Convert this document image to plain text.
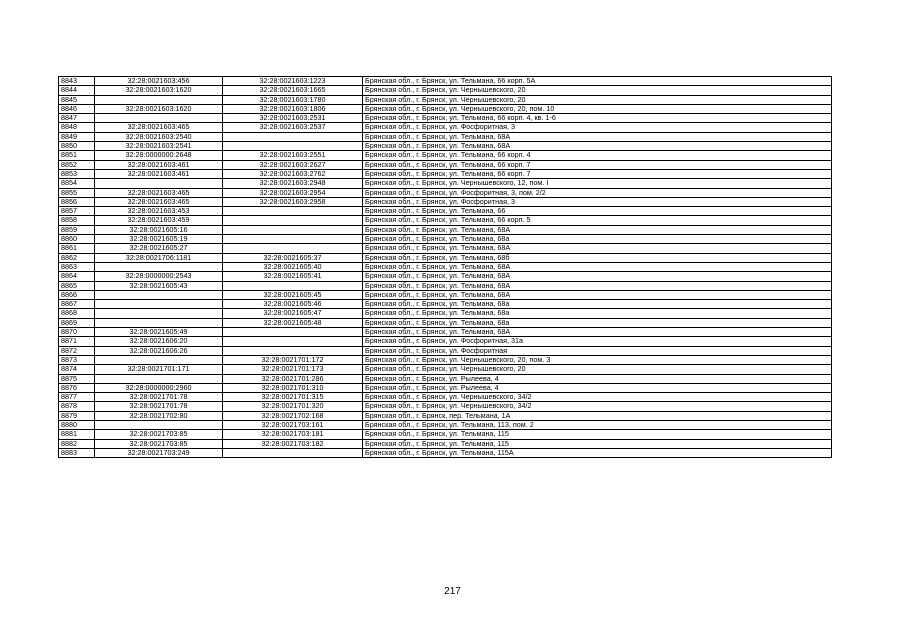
8843	32:28:0021603:456	32:28:0021603:1223	Брянская обл., г. Брянск, ул. Тельмана, 66 корп. 5А
8844	32:28:0021603:1620	32:28:0021603:1665	Брянская обл., г. Брянск, ул. Чернышевского, 20
8845		32:28:0021603:1780	Брянская обл., г. Брянск, ул. Чернышевского, 20
8846	32:28:0021603:1620	32:28:0021603:1806	Брянская обл., г. Брянск, ул. Чернышевского, 20, пом. 10
8847		32:28:0021603:2531	Брянская обл., г. Брянск, ул. Тельмана, 66 корп. 4, кв. 1-6
8848	32:28:0021603:465	32:28:0021603:2537	Брянская обл., г. Брянск, ул. Фосфоритная, 3
8849	32:28:0021603:2540		Брянская обл., г. Брянск, ул. Тельмана, 68А
8850	32:28:0021603:2541		Брянская обл., г. Брянск, ул. Тельмана, 68А
8851	32:28:0000000:2648	32:28:0021603:2551	Брянская обл., г. Брянск, ул. Тельмана, 66 корп. 4
8852	32:28:0021603:461	32:28:0021603:2627	Брянская обл., г. Брянск, ул. Тельмана, 66 корп. 7
8853	32:28:0021603:461	32:28:0021603:2762	Брянская обл., г. Брянск, ул. Тельмана, 66 корп. 7
8854		32:28:0021603:2948	Брянская обл., г. Брянск, ул. Чернышевского, 12, пом. I
8855	32:28:0021603:465	32:28:0021603:2954	Брянская обл., г. Брянск, ул. Фосфоритная, 3, пом. 2/2
8856	32:28:0021603:465	32:28:0021603:2958	Брянская обл., г. Брянск, ул. Фосфоритная, 3
8857	32:28:0021603:453		Брянская обл., г. Брянск, ул. Тельмана, 66
8858	32:28:0021603:459		Брянская обл., г. Брянск, ул. Тельмана, 66 корп. 5
8859	32:28:0021605:16		Брянская обл., г. Брянск, ул. Тельмана, 68А
8860	32:28:0021605:19		Брянская обл., г. Брянск, ул. Тельмана, 68а
8861	32:28:0021605:27		Брянская обл., г. Брянск, ул. Тельмана, 68А
8862	32:28:0021706:1181	32:28:0021605:37	Брянская обл., г. Брянск, ул. Тельмана, 68б
8863		32:28:0021605:40	Брянская обл., г. Брянск, ул. Тельмана, 68А
8864	32:28:0000000:2543	32:28:0021605:41	Брянская обл., г. Брянск, ул. Тельмана, 68А
8865	32:28:0021605:43		Брянская обл., г. Брянск, ул. Тельмана, 68А
8866		32:28:0021605:45	Брянская обл., г. Брянск, ул. Тельмана, 68А
8867		32:28:0021605:46	Брянская обл., г. Брянск, ул. Тельмана, 68а
8868		32:28:0021605:47	Брянская обл., г. Брянск, ул. Тельмана, 68а
8869		32:28:0021605:48	Брянская обл., г. Брянск, ул. Тельмана, 68а
8870	32:28:0021605:49		Брянская обл., г. Брянск, ул. Тельмана, 68А
8871	32:28:0021606:20		Брянская обл., г. Брянск, ул. Фосфоритная, 31а
8872	32:28:0021606:26		Брянская обл., г. Брянск, ул. Фосфоритная
8873		32:28:0021701:172	Брянская обл., г. Брянск, ул. Чернышевского, 20, пом. 3
8874	32:28:0021701:171	32:28:0021701:173	Брянская обл., г. Брянск, ул. Чернышевского, 20
8875		32:28:0021701:286	Брянская обл., г. Брянск, ул. Рылеева, 4
8876	32:28:0000000:2960	32:28:0021701:310	Брянская обл., г. Брянск, ул. Рылеева, 4
8877	32:28:0021701:78	32:28:0021701:315	Брянская обл., г. Брянск, ул. Чернышевского, 34/2
8878	32:28:0021701:78	32:28:0021701:320	Брянская обл., г. Брянск, ул. Чернышевского, 34/2
8879	32:28:0021702:80	32:28:0021702:168	Брянская обл., г. Брянск, пер. Тельмана, 1А
8880		32:28:0021703:161	Брянская обл., г. Брянск, ул. Тельмана, 113, пом. 2
8881	32:28:0021703:85	32:28:0021703:181	Брянская обл., г. Брянск, ул. Тельмана, 115
8882	32:28:0021703:85	32:28:0021703:182	Брянская обл., г. Брянск, ул. Тельмана, 115
8883	32:28:0021703:249		Брянская обл., г. Брянск, ул. Тельмана, 115А
217
